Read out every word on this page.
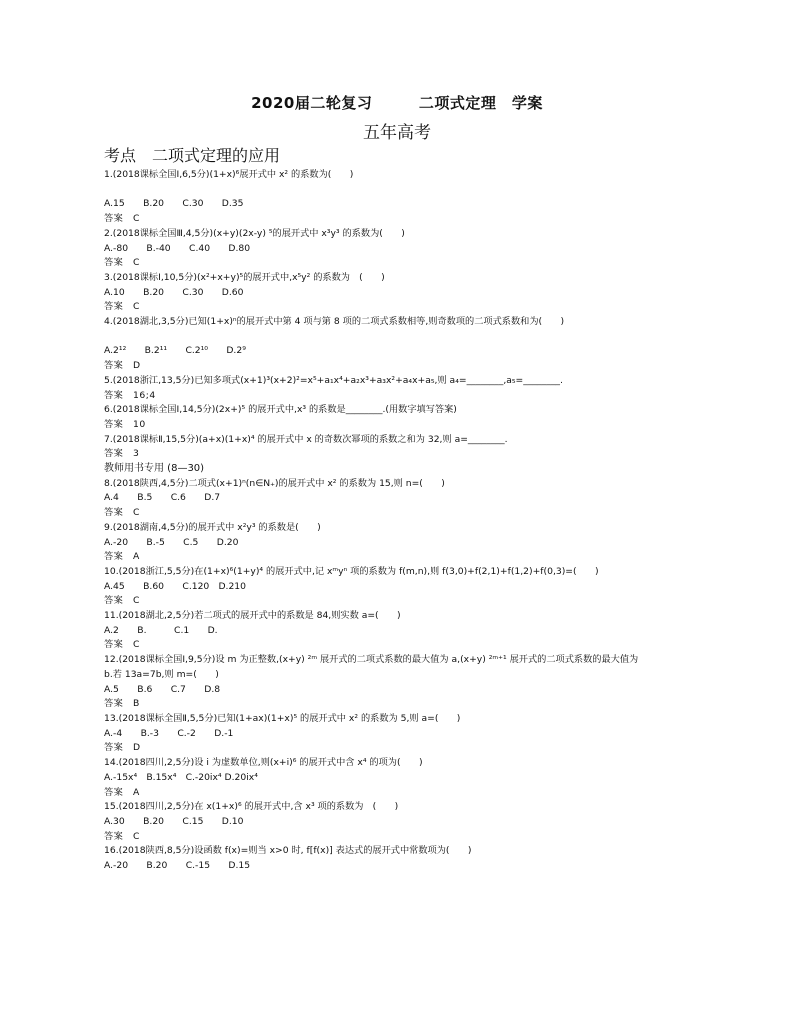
2020届二轮复习　　　二项式定理　学案
五年高考
考点　二项式定理的应用
1.(2018课标全国Ⅰ,6,5分)(1+x)⁶展开式中 x² 的系数为(　　)
A.15　　B.20　　C.30　　D.35
答案　C
2.(2018课标全国Ⅲ,4,5分)(x+y)(2x-y) ⁵的展开式中 x³y³ 的系数为(　　)
A.-80　　B.-40　　C.40　　D.80
答案　C
3.(2018课标Ⅰ,10,5分)(x²+x+y)⁵的展开式中,x⁵y² 的系数为　(　　)
A.10　　B.20　　C.30　　D.60
答案　C
4.(2018湖北,3,5分)已知(1+x)ⁿ的展开式中第 4 项与第 8 项的二项式系数相等,则奇数项的二项式系数和为(　　)
A.2¹²　　B.2¹¹　　C.2¹⁰　　D.2⁹
答案　D
5.(2018浙江,13,5分)已知多项式(x+1)³(x+2)²=x⁵+a₁x⁴+a₂x³+a₃x²+a₄x+a₅,则 a₄=________,a₅=________.
答案　16;4
6.(2018课标全国Ⅰ,14,5分)(2x+)⁵ 的展开式中,x³ 的系数是________.(用数字填写答案)
答案　10
7.(2018课标Ⅱ,15,5分)(a+x)(1+x)⁴ 的展开式中 x 的奇数次幂项的系数之和为 32,则 a=________.
答案　3
教师用书专用 (8—30)
8.(2018陕西,4,5分)二项式(x+1)ⁿ(n∈N₊)的展开式中 x² 的系数为 15,则 n=(　　)
A.4　　B.5　　C.6　　D.7
答案　C
9.(2018湖南,4,5分)的展开式中 x²y³ 的系数是(　　)
A.-20　　B.-5　　C.5　　D.20
答案　A
10.(2018浙江,5,5分)在(1+x)⁶(1+y)⁴ 的展开式中,记 xᵐyⁿ 项的系数为 f(m,n),则 f(3,0)+f(2,1)+f(1,2)+f(0,3)=(　　)
A.45　　B.60　　C.120　D.210
答案　C
11.(2018湖北,2,5分)若二项式的展开式中的系数是 84,则实数 a=(　　)
A.2　　B.　　　C.1　　D.
答案　C
12.(2018课标全国Ⅰ,9,5分)设 m 为正整数,(x+y) ²ᵐ 展开式的二项式系数的最大值为 a,(x+y) ²ᵐ⁺¹ 展开式的二项式系数的最大值为
b.若 13a=7b,则 m=(　　)
A.5　　B.6　　C.7　　D.8
答案　B
13.(2018课标全国Ⅱ,5,5分)已知(1+ax)(1+x)⁵ 的展开式中 x² 的系数为 5,则 a=(　　)
A.-4　　B.-3　　C.-2　　D.-1
答案　D
14.(2018四川,2,5分)设 i 为虚数单位,则(x+i)⁶ 的展开式中含 x⁴ 的项为(　　)
A.-15x⁴　B.15x⁴　C.-20ix⁴ D.20ix⁴
答案　A
15.(2018四川,2,5分)在 x(1+x)⁶ 的展开式中,含 x³ 项的系数为　(　　)
A.30　　B.20　　C.15　　D.10
答案　C
16.(2018陕西,8,5分)设函数 f(x)=则当 x>0 时, f[f(x)] 表达式的展开式中常数项为(　　)
A.-20　　B.20　　C.-15　　D.15
